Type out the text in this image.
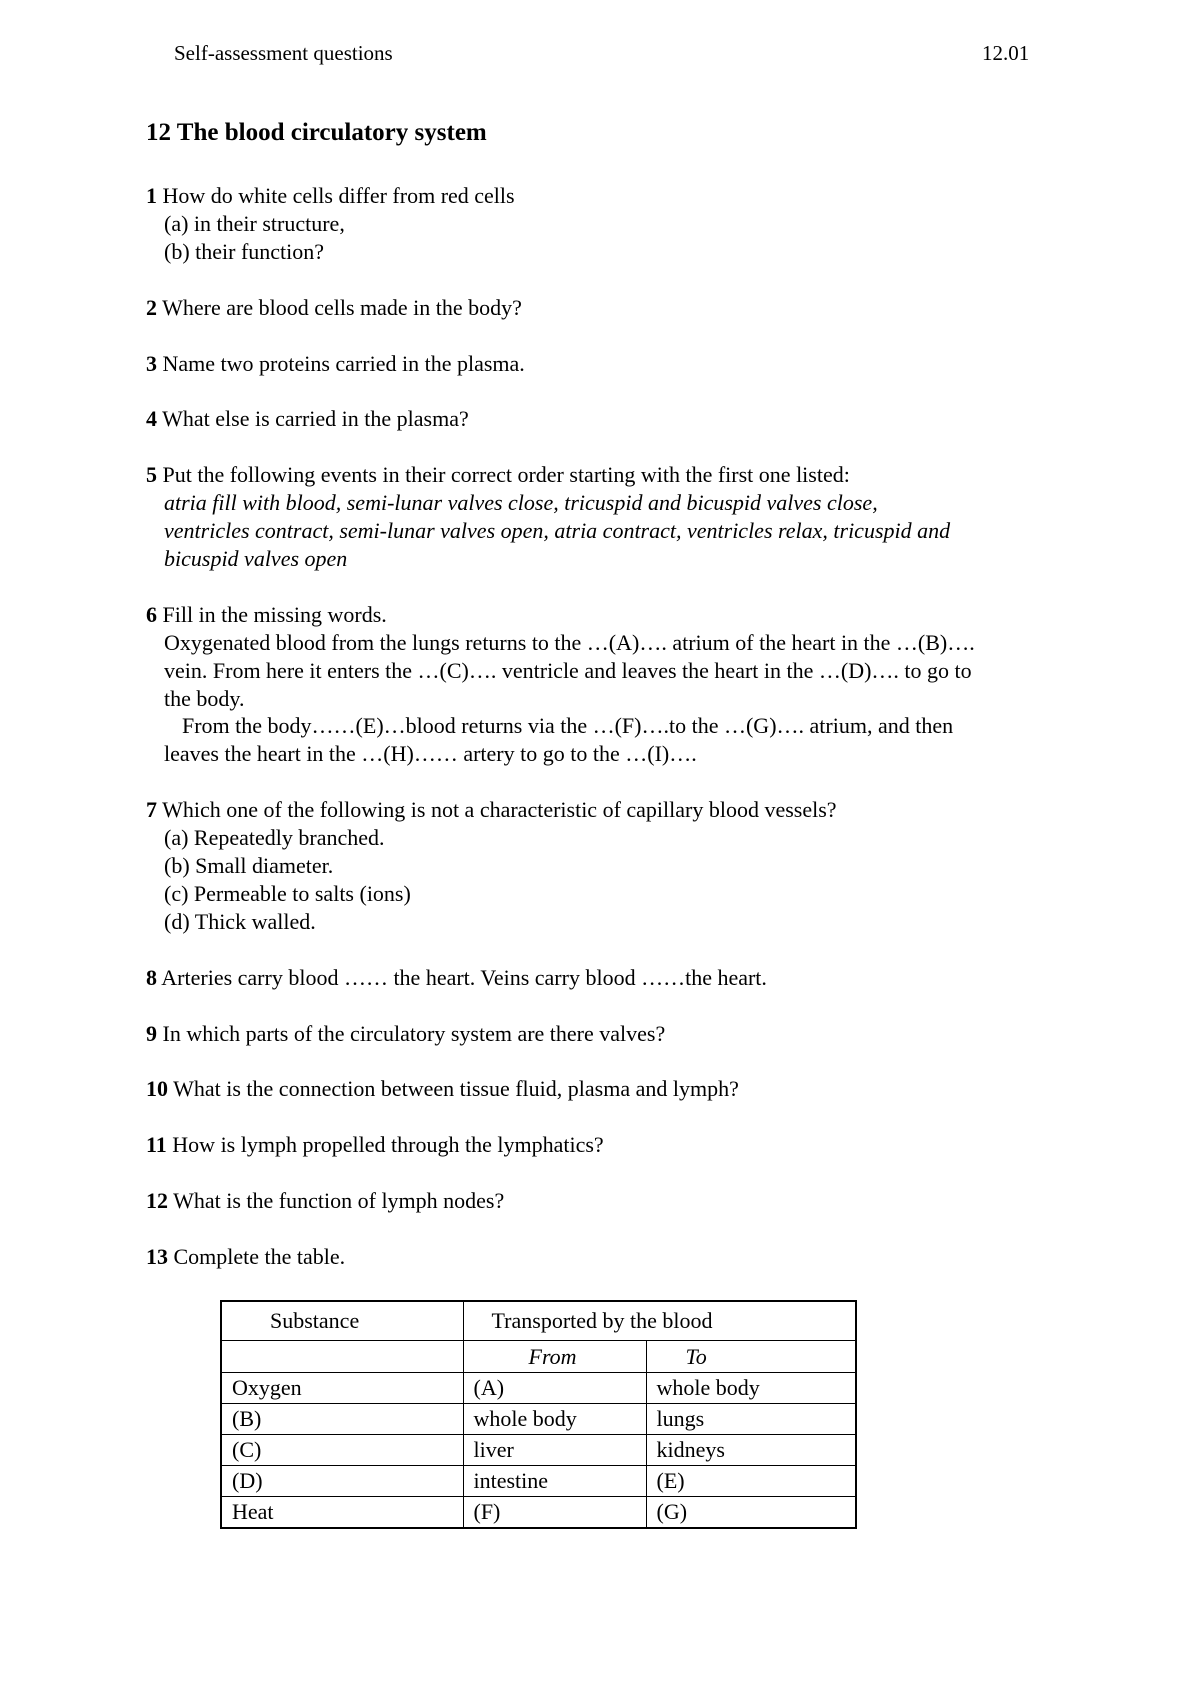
Self-assessment questions	12.01
12 The blood circulatory system
1 How do white cells differ from red cells
(a) in their structure,
(b) their function?
2 Where are blood cells made in the body?
3 Name two proteins carried in the plasma.
4 What else is carried in the plasma?
5 Put the following events in their correct order starting with the first one listed:
atria fill with blood, semi-lunar valves close, tricuspid and bicuspid valves close,
ventricles contract, semi-lunar valves open, atria contract, ventricles relax, tricuspid and
bicuspid valves open
6 Fill in the missing words.
Oxygenated blood from the lungs returns to the …(A)…. atrium of the heart in the …(B)….
vein. From here it enters the …(C)…. ventricle and leaves the heart in the …(D)…. to go to
the body.
From the body……(E)…blood returns via the …(F)….to the …(G)…. atrium, and then
leaves the heart in the …(H)…… artery to go to the …(I)….
7 Which one of the following is not a characteristic of capillary blood vessels?
(a) Repeatedly branched.
(b) Small diameter.
(c) Permeable to salts (ions)
(d) Thick walled.
8 Arteries carry blood …… the heart. Veins carry blood ……the heart.
9 In which parts of the circulatory system are there valves?
10 What is the connection between tissue fluid, plasma and lymph?
11 How is lymph propelled through the lymphatics?
12 What is the function of lymph nodes?
13 Complete the table.
Substance	Transported by the blood	
	From	To
Oxygen	(A)	whole body
(B)	whole body	lungs
(C)	liver	kidneys
(D)	intestine	(E)
Heat	(F)	(G)
